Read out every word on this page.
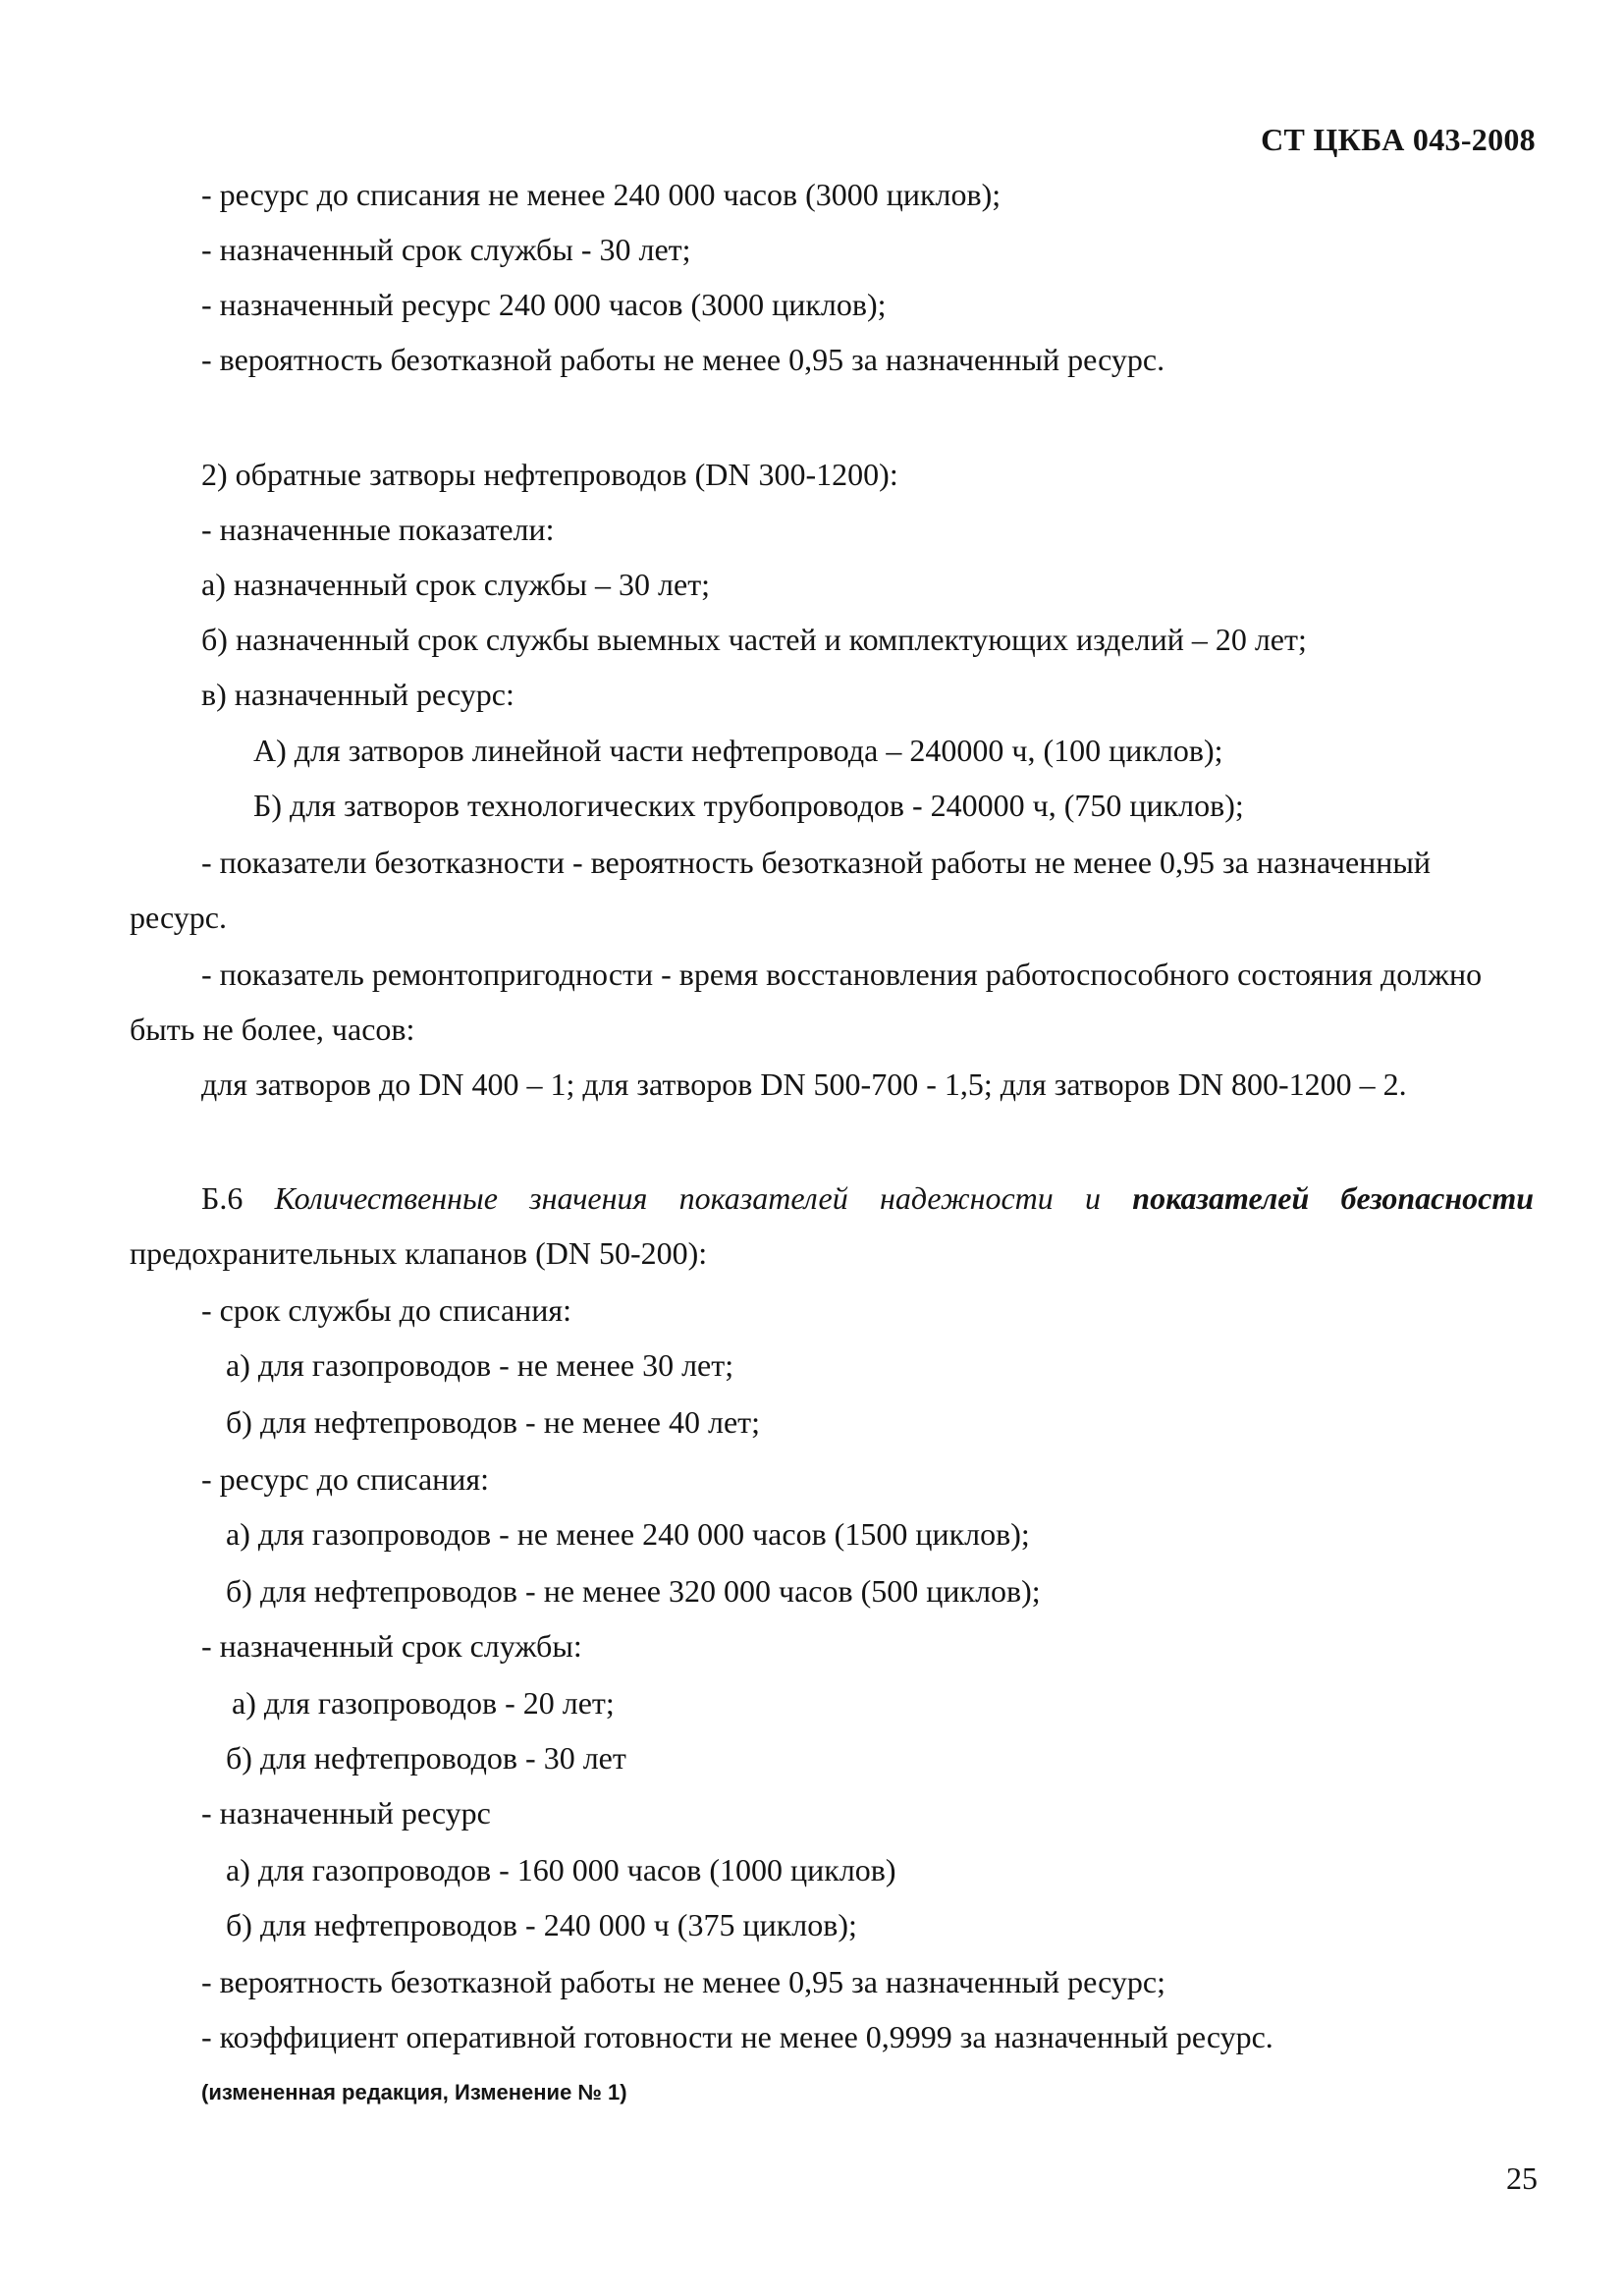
СТ ЦКБА 043-2008
- ресурс до списания не менее 240 000 часов (3000 циклов);
- назначенный срок службы - 30 лет;
- назначенный ресурс 240 000 часов (3000 циклов);
- вероятность безотказной работы не менее 0,95 за назначенный ресурс.
2) обратные затворы нефтепроводов (DN 300-1200):
- назначенные показатели:
а) назначенный срок службы – 30 лет;
б) назначенный срок службы выемных частей и комплектующих изделий – 20 лет;
в) назначенный ресурс:
А) для затворов линейной части нефтепровода – 240000 ч, (100 циклов);
Б) для затворов технологических трубопроводов - 240000 ч, (750 циклов);
- показатели безотказности - вероятность безотказной работы не менее 0,95 за назначенный
ресурс.
- показатель ремонтопригодности - время восстановления работоспособного состояния должно
быть не более, часов:
для затворов до DN 400 – 1; для затворов DN 500-700 - 1,5; для затворов DN 800-1200 – 2.
Б.6 Количественные значения показателей надежности и показателей безопасности
предохранительных клапанов (DN 50-200):
- срок службы до списания:
а) для газопроводов - не менее 30 лет;
б) для нефтепроводов - не менее 40 лет;
- ресурс до списания:
а) для газопроводов - не менее 240 000 часов (1500 циклов);
б) для нефтепроводов - не менее 320 000 часов (500 циклов);
- назначенный срок службы:
а) для газопроводов - 20 лет;
б) для нефтепроводов - 30 лет
- назначенный ресурс
а) для газопроводов - 160 000 часов (1000 циклов)
б) для нефтепроводов - 240 000 ч (375 циклов);
- вероятность безотказной работы не менее 0,95 за назначенный ресурс;
- коэффициент оперативной готовности не менее 0,9999 за назначенный ресурс.
(измененная редакция, Изменение № 1)
25
